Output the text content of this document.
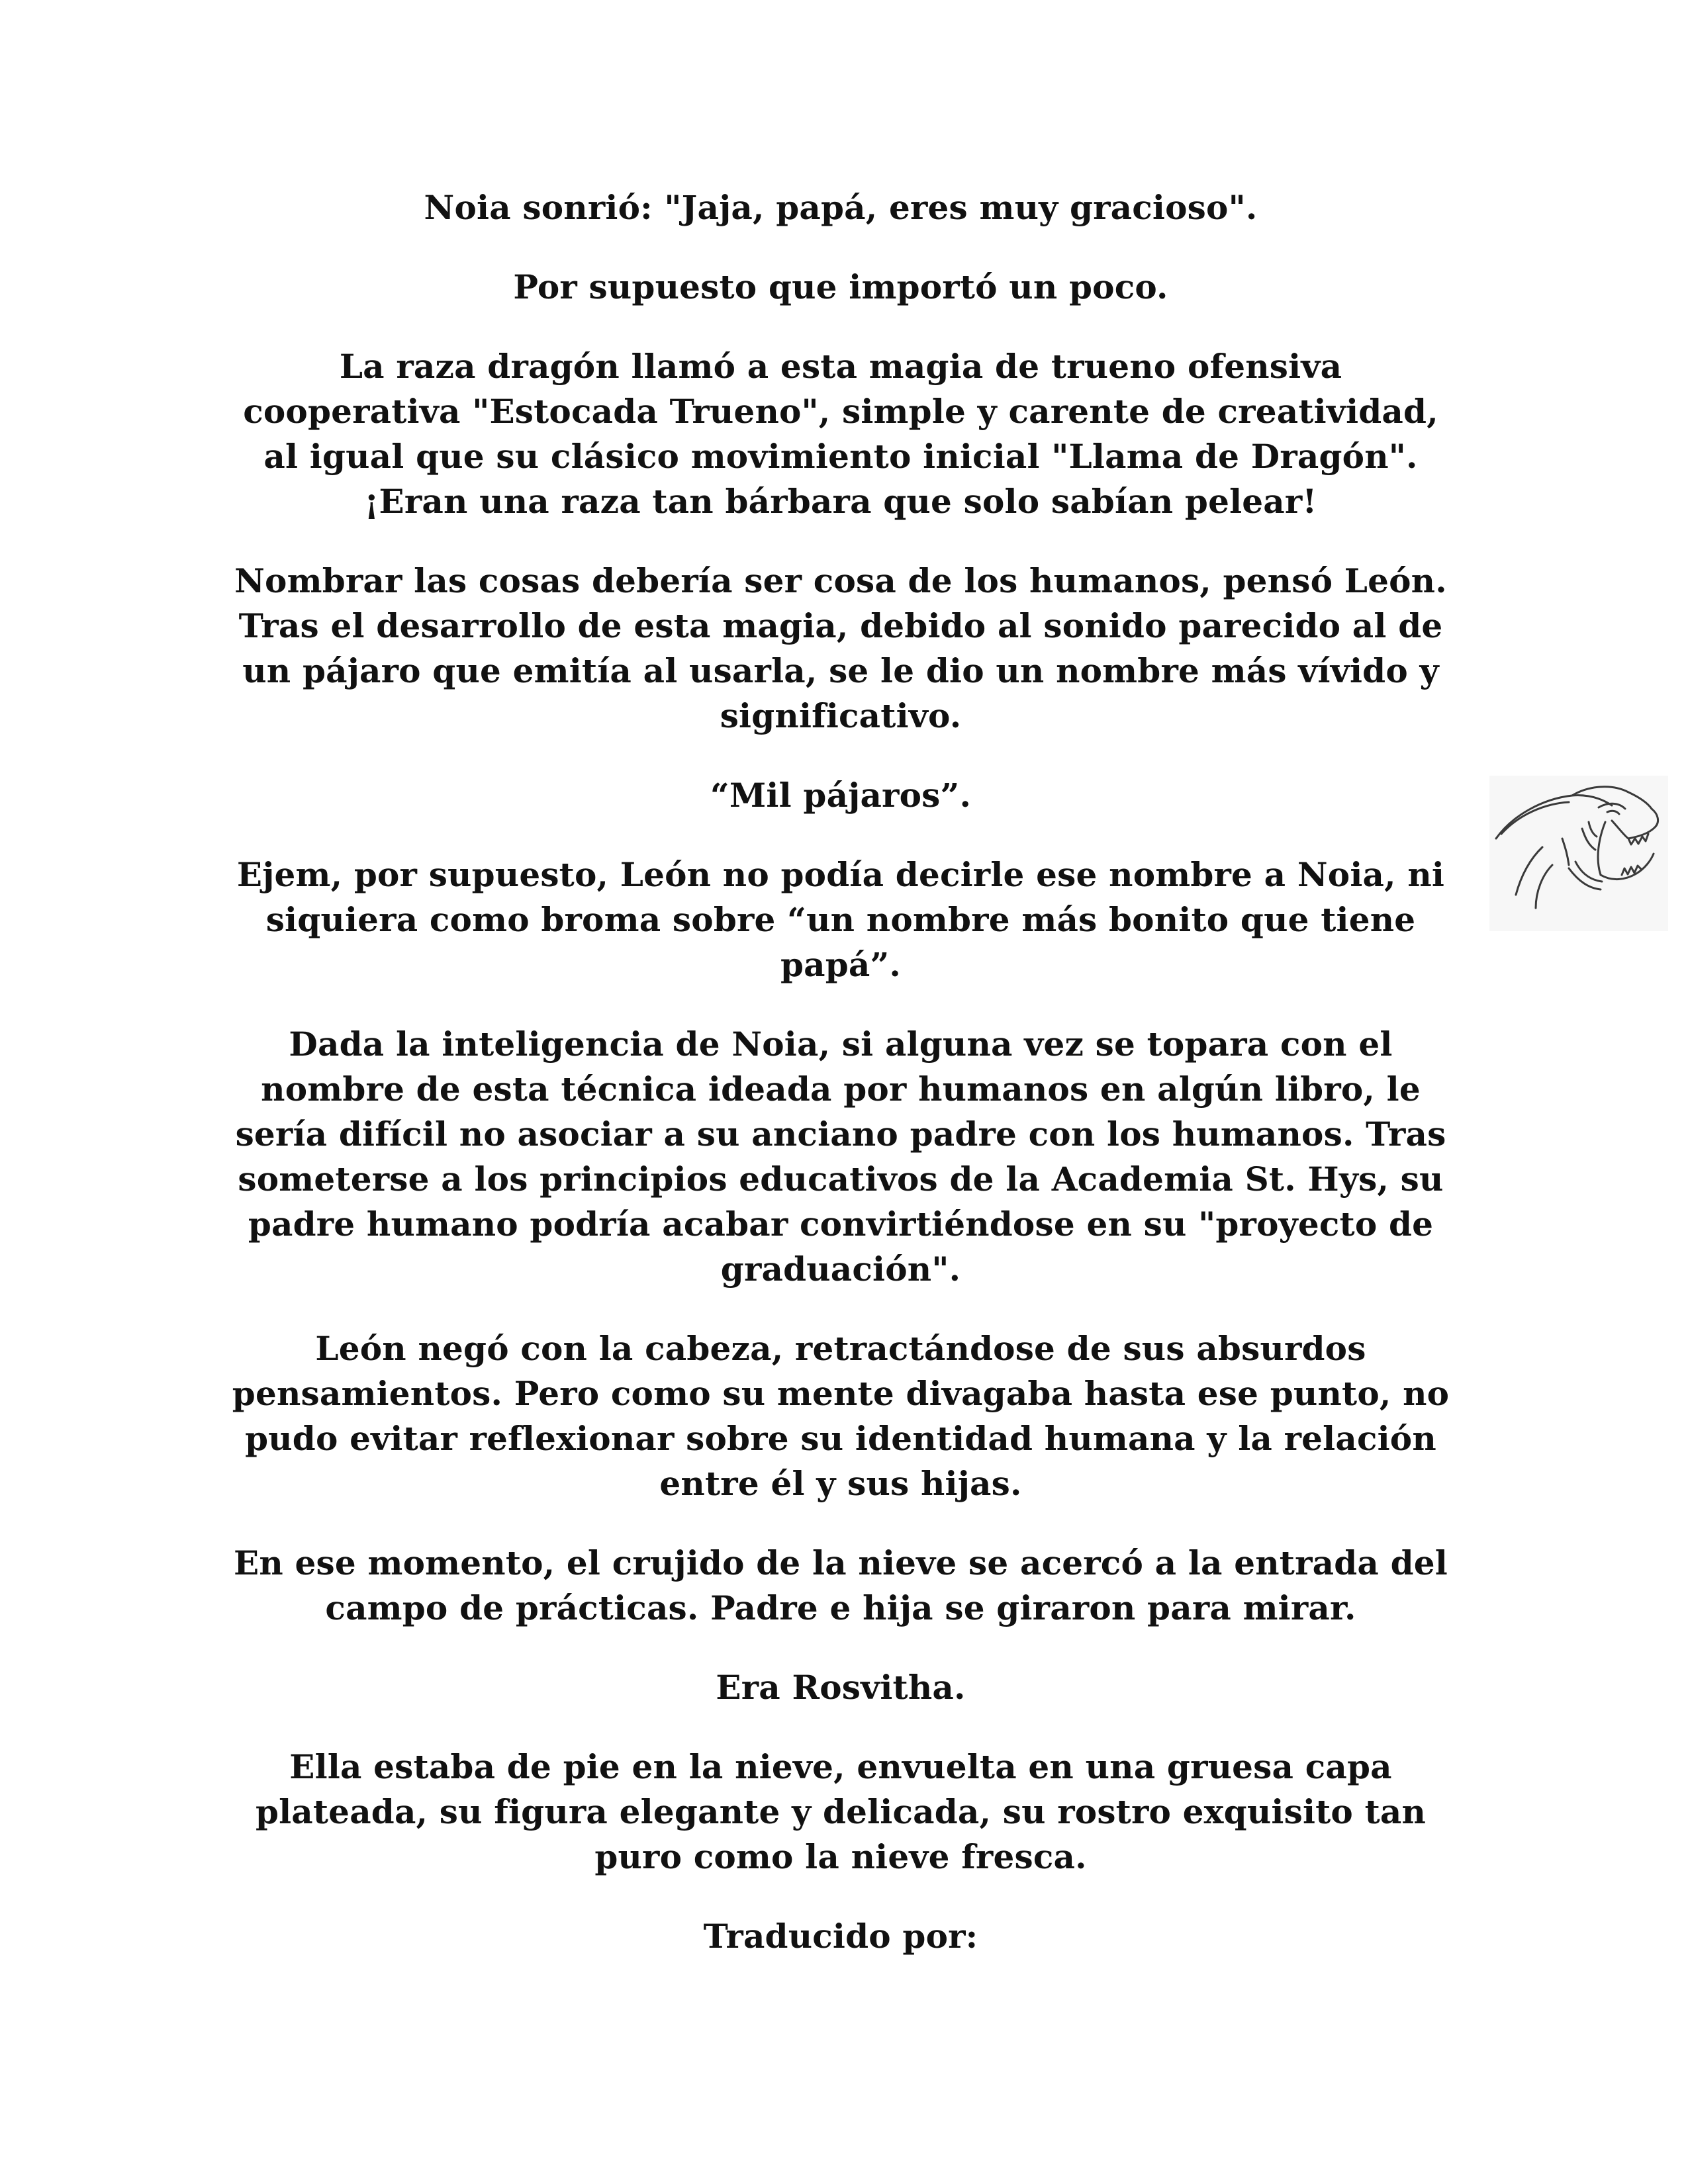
Noia sonrió: "Jaja, papá, eres muy gracioso".

Por supuesto que importó un poco.

La raza dragón llamó a esta magia de trueno ofensiva cooperativa "Estocada Trueno", simple y carente de creatividad, al igual que su clásico movimiento inicial "Llama de Dragón". ¡Eran una raza tan bárbara que solo sabían pelear!

Nombrar las cosas debería ser cosa de los humanos, pensó León. Tras el desarrollo de esta magia, debido al sonido parecido al de un pájaro que emitía al usarla, se le dio un nombre más vívido y significativo.

“Mil pájaros”.

Ejem, por supuesto, León no podía decirle ese nombre a Noia, ni siquiera como broma sobre “un nombre más bonito que tiene papá”.

Dada la inteligencia de Noia, si alguna vez se topara con el nombre de esta técnica ideada por humanos en algún libro, le sería difícil no asociar a su anciano padre con los humanos. Tras someterse a los principios educativos de la Academia St. Hys, su padre humano podría acabar convirtiéndose en su "proyecto de graduación".

León negó con la cabeza, retractándose de sus absurdos pensamientos. Pero como su mente divagaba hasta ese punto, no pudo evitar reflexionar sobre su identidad humana y la relación entre él y sus hijas.

En ese momento, el crujido de la nieve se acercó a la entrada del campo de prácticas. Padre e hija se giraron para mirar.

Era Rosvitha.

Ella estaba de pie en la nieve, envuelta en una gruesa capa plateada, su figura elegante y delicada, su rostro exquisito tan puro como la nieve fresca.

Traducido por:
